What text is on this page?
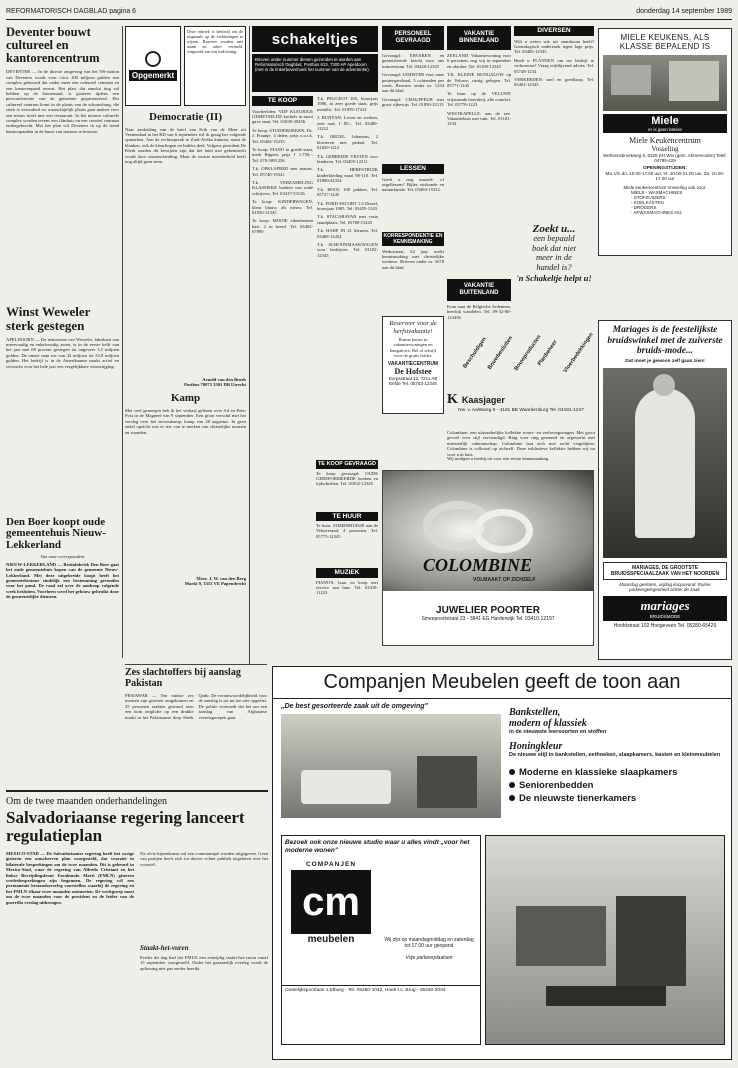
REFORMATORISCH DAGBLAD pagina 6	donderdag 14 september 1989
Deventer bouwt cultureel en kantorencentrum
DEVENTER — In de directe omgeving van het NS-station van Deventer wordt voor circa 100 miljoen gulden een complex gebouwd dat onder meer een cultureel centrum en een kantorenpand omvat. Het plan, dat aanslui ting zal hebben op de binnenstad, is gisteren tijdens een persconferentie van de gemeente gepresenteerd. Het cultureel centrum komt in de plaats van de schouwburg, die sterk is verouderd en waarschijnlijk plaats gaat maken voor een nieuw hotel met een restaurant. In het nieuwe culturele complex worden tevens een filmhuis en een creatief centrum ondergebracht. Met het plan wil Deventer in op de trend kantoorpanden in de buurt van stations te bouwen.
Winst Weweler sterk gestegen
APELDOORN — De nettowinst van Weweler, fabrikant van meervoudig en enkelvoudig assen, is in de eerste helft van het jaar met 69 procent gestegen tot ongeveer 3,5 miljoen gulden. De omzet nam toe van 43 miljoen tot 53,8 miljoen gulden. Het bedrijf is in de Amerikaanse markt actief en verwacht voor het hele jaar een vergelijkbare winststijging.
Den Boer koopt oude gemeentehuis Nieuw-Lekkerland
Van onze correspondent
NIEUW-LEKKERLAND — Bruinfabriek Den Boer gaat het oude gemeentehuis kopen van de gemeente Nieuw-Lekkerland. Met deze uitgebreide koopt heeft het gemeentebestuur eindelijk een bestemming gevonden voor het pand. De raad zal over de aankoop volgende week besluiten. Voorheen werd het gebouw gebruikt door de gemeentelijke diensten.
Opgemerkt
Deze rubriek is bedoeld om de nogmaals op de verkiezingen te wijzen. Reacties worden met naam en adres vermeld, vergezeld van een toelichting.
Democratie (II)
Naar aanleiding van de brief van Erik van de Meer uit Veenendaal in het RD van 6 september wil ik graag het volgende opmerken. Aan de rechtsspraak in Zuid-Afrika kunnen, naast de blanken, ook de kleurlingen en Indiërs deel. Volgens president De Klerk zouden dit bewijzen zijn dat het land niet gekenmerkt wordt door rassenscheiding. Maar de zwarte meerderheid heeft nog altijd geen stem.
Arnold van den Broek
Postbus 70075 3501 DB Utrecht
Kamp
Met veel genoegen heb ik het verhaal gelezen over Ad en Peter Post in de Magneet van 9 september. Een groot verschil met het verslag over het sterrenkamp, kamp van 28 augustus. In geen enkel opzicht was er iets van te merken van christelijke normen en waarden.
Mevr. J. W. van den Berg
Markt 9, 3353 VE Papendrecht
Zes slachtoffers bij aanslag Pakistan
PESJAWAR — Ten minste zes mensen zijn gisteren omgekomen en 25 personen raakten gewond toen een bom ontplofte op een drukke markt in het Pakistaanse dorp Sheik Qadir. De verantwoordelijkheid voor de aanslag is tot nu toe niet opgeëist. De politie vermoedt dat het om een aanslag van Afghaanse verzetsgroepen gaat.
schakeltjes
Brieven onder nummer dienen gezonden te worden aan Reformatorisch Dagblad, Postbus 613, 7300 AP Apeldoorn (met in de linkerbovenhoek het nummer van de advertentie).
TE KOOP
Voorbeelden: VIJF KLEURIGE GEMETSELDE kachels in mooi gave staat. Tel. 01830-30456
Te koop: STUDIEBOEKEN, Ds. J. Fraanje, 4 delen, prijs n.o.t.k. Tel. 03404-15233
Te koop: PIANO in goede staat, merk Rippen, prijs ƒ 1.750,-. Tel. 070-3891236
T.k. OPKLAPBED met matras. Tel. 05740-19341
T.k. VERZAMELING KLASSIEKE boeken van oude schrijvers. Tel. 03417-53126
Te koop: KINDERWAGEN, kleur blauw, als nieuw. Tel. 01850-12345
Te koop: MOOIE eikenhouten kast, 2 m breed. Tel. 03402-67890
T.k. PEUGEOT 205, bouwjaar 1986, in zeer goede staat, grijs metallic. Tel. 01859-17412
J. BUNYAN: Leven en werken, zeer oud, ƒ 85,-. Tel. 03480-11212
T.k. ORGEL, Johannus, 2 klavieren met pedaal. Tel. 01829-1212
T.k. GEBREIDE VESTEN voor kinderen. Tel. 03405-12211
T.k. HERFSTRUIK kinderkleding maat 98-110. Tel. 01800-22334
T.k. HOOI, 100 pakken. Tel. 05727-1245
T.k. FORD ESCORT 1.6 Diesel, bouwjaar 1985. Tel. 03455-1243
T.k. STACARAVAN met vaste standplaats. Tel. 05780-11445
T.k. HARP IN 21 kleuren. Tel. 03468-12454
T.k. SCHOONMAAKWAGEN voor bedrijven. Tel. 01182-12345
PERSONEEL GEVRAAGD
Gevraagd: ERVAREN en gemotiveerde kracht voor ons tuincentrum. Tel. 03420-12345
Gevraagd: LEIDSTER voor onze peuterspeelzaal, 3 ochtenden per week. Reacties onder nr. 1234 aan dit blad.
Gevraagd: CHAUFFEUR met groot rijbewijs. Tel. 01850-22113
LESSEN
Geeft u nog muziek- of orgellessen? Bijles wiskunde en natuurkunde. Tel. 03404-15332
KORRESPONDENTIE EN KENNISMAKING
Weduwnaar, 62 jaar, zoekt kennismaking met christelijke weduwe. Brieven onder nr. 5678 aan dit blad.
VAKANTIE BINNENLAND
ZEELAND. Vakantiewoning voor 6 personen, nog vrij in september en oktober. Tel. 01190-12345
T.K. KLEINE BUNGALOW op de Veluwe, rustig gelegen. Tel. 05771-1245
Te huur op de VELUWE vrijstaande boerderij, alle comfort. Tel. 05778-1223
WESTKAPELLE: aan de zee. Vakantiehuis met tuin. Tel. 01181-1234
VAKANTIE BUITENLAND
Kom naar de Belgische Ardennen, heerlijk wandelen. Tel. 09-32-80-123456
DIVERSEN
Wilt u weten wie uw stamboom heeft? Genealogisch onderzoek tegen lage prijs. Tel. 03405-12345
Biedt u PLANNEN om uw bedrijf te verbouwen? Vraag vrijblijvend advies. Tel. 05748-1234
VERKERIJEN: snel en goedkoop. Tel. 03402-12345
Zoekt u...
een bepaald
boek dat niet
meer in de
handel is?
'n Schakeltje helpt u!
MIELE KEUKENS, ALS KLASSE BEPALEND IS
Miele
er is geen betere
Miele Keukencentrum
Vosseling
Wehsensbroekweg 5, 6325 KH Wei (gem. Ahrnemoden) Telef. 04785-429
OPENINGSTIJDEN:
Ma. t/m do. 10.00-17.00 uur, Vr. 10.00-21.00 uur, Za. 10.00-17.00 uur
Miele keukencentrum Vosseling ook voor:
MIELE - WASMACHINES
- STOFZUIGERS
- KOELKASTEN
- DROGERS
- AFWASMACHINES enz.
Mariages is de feestelijkste bruidswinkel met de zuiverste bruids-mode...
Dat moet je gewoon zelf gaan zien!
MARIAGES, DE GROOTSTE BRUIDSSPECIAALZAAK VAN HET NOORDEN
Maandag gesloten, vrijdag koopavond. Ruime parkeergelegenheid achter de zaak.
mariages
BRUIDSMODE
Hoofdstraat 102 Hoogeveen Tel. 05280-65429
Reserveer voor de herfstvakantie!
Ruime keuze in vakantiewoningen en bungalows. Bel of schrijf voor de gratis folder.
VAKANTIECENTRUM
De Hofstee
Dorpsstraat 12, 7211 AB Eefde Tel. 05753-12345
Beschuldigen Bouwbesluiten Bouwproducten
Planbeheer Vloerbedekkingen
K Kaasjager
Nw. v. Aalstweg 9 - 4181 BB Waardenburg Tel. 04181-1247
Colombine, een uitzonderlijke kollektie trouw- en verlovingsringen. Met groot gevoel voor stijl vervaardigd. Ring voor ring gesmeed en afgewerkt met meesterlijk vakmanschap. Colombine laat zich met recht vergelijken. Colombine is collosaal op zichzelf. Deze exklusieve kollektie hebben wij nu voor u in huis.
Wij nodigen u hierbij uit voor een eerste kennismaking.
COLOMBINE
VOLMAAKT OP ZICHZELF
JUWELIER POORTER
Smeepoortstraat 23 - 3841 EG Harderwijk Tel. 03410-12197
TE KOOP GEVRAAGD
Te koop gevraagd: OUDE GEREFORMEERDE boeken en tijdschriften. Tel. 01832-12345
TE HUUR
Te huur: ZOMERHUISJE aan de Veluwerand, 4 personen. Tel. 05775-12345
MUZIEK
PIANO'S, huur en koop met service aan huis. Tel. 03418-11223
Om de twee maanden onderhandelingen
Salvadoriaanse regering lanceert regulatieplan
MEXICO-STAD — De Salvadoriaanse regering heeft het vorige gisteren een omschreven plan voorgesteld, dat voorziet in bilaterale besprekingen om de twee maanden. Dit is gebeurd in Mexico-Stad, waar de regering van Alfredo Cristiani en het linkse Bevrijdingsfront Farabundo Martí (FMLN) gisteren vredesbesprekingen zijn begonnen. De regering wil een permanente bestandsoverleg voorstellen waarbij de regering en het FMLN elkaar twee maanden ontmoeten. De werkgroep moet om de twee maanden voor de president en de leider van de guerrilla verslag uitbrengen.
Na ofcie bijeenkomst zal een communiqué worden uitgegeven. Geen van partijen heeft zich tot dusver echter publiek uitgelaten over het voorstel.
Staakt-het-vuren
Eerder dit dag had het FMLN een eenzijdig staakt-het-vuren vanaf 15 september voorgesteld. Onder het gezamelijk overleg wordt de oplossing niet pas eerder bereikt.
Companjen Meubelen geeft de toon aan
„De best gesorteerde zaak uit de omgeving"
Bankstellen,
modern of klassiek
in de nieuwste leersoorten en stoffen
Honingkleur
De nieuwe stijl in bankstellen, eethoeken, slaapkamers, kasten en kleinmeubelen
Moderne en klassieke slaapkamers
Seniorenbedden
De nieuwste tienerkamers
Bezoek ook onze nieuwe studio waar u alles vindt „voor het moderne wonen"
COMPANJEN
cm
meubelen	Wij zijn op maandagmiddag en zaterdag tot 17.00 uur geopend
Vrije parkeerplaatsen
Oostelijkspoorlaan 1 Elburg - Tel. 05250-1042, Hoek t.o. Brug - 05250-2034
